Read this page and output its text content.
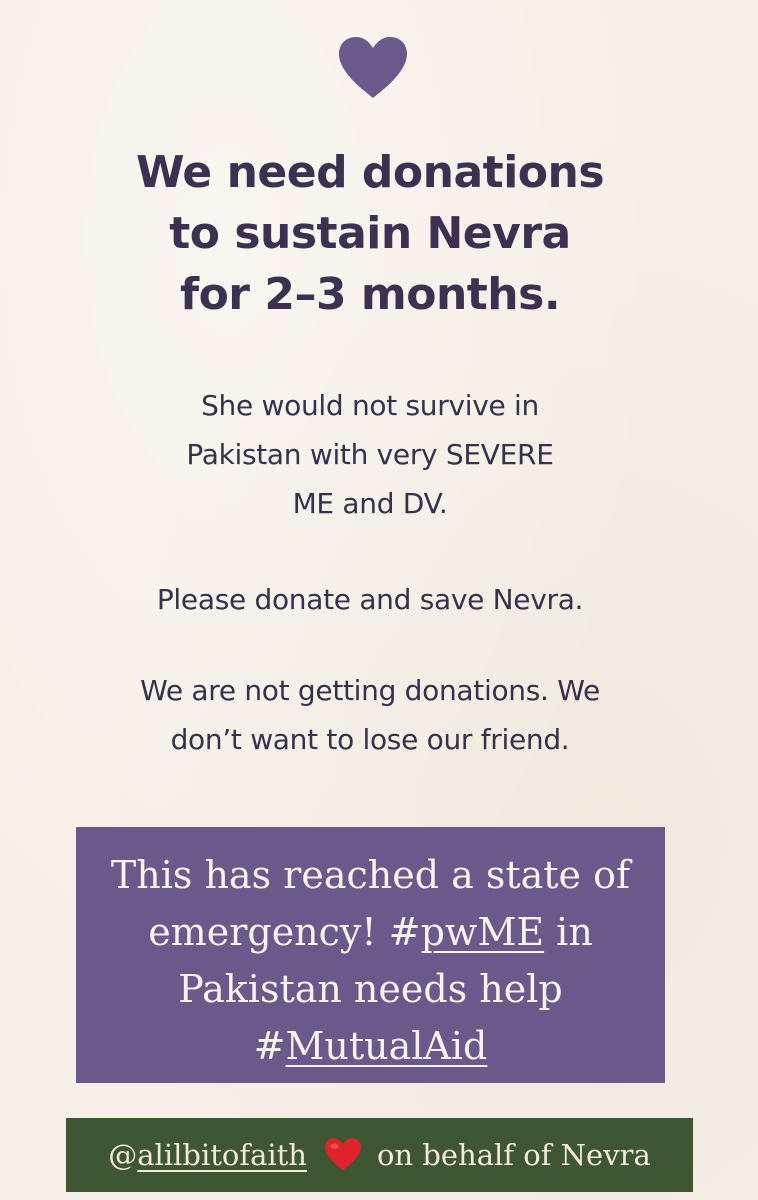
We need donations
to sustain Nevra
for 2–3 months.
She would not survive in
Pakistan with very SEVERE
ME and DV.
Please donate and save Nevra.
We are not getting donations. We
don’t want to lose our friend.
This has reached a state of
emergency! #pwME in
Pakistan needs help
#MutualAid
@alilbitofaith on behalf of Nevra
